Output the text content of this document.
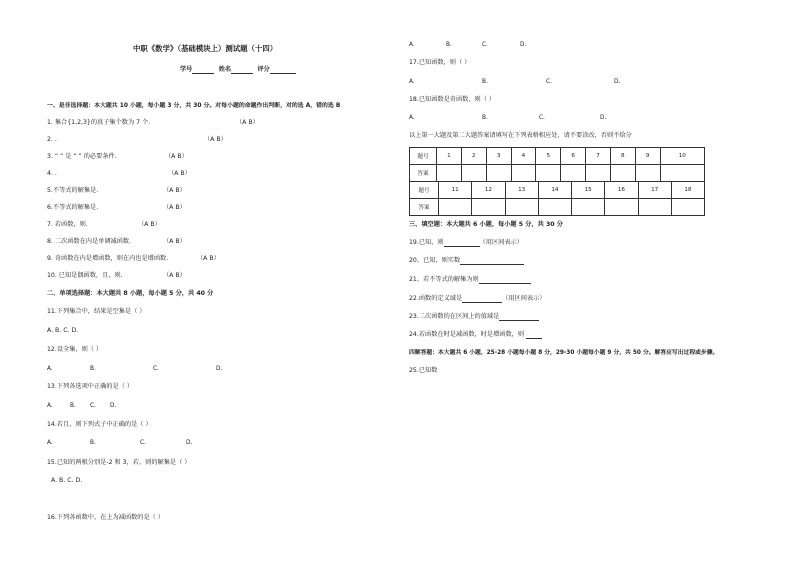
中职《数学》（基础模块上）测试题（十四）
学号	姓名	评分
一、是非选择题：本大题共 10 小题，每小题 3 分，共 30 分。对每小题的命题作出判断，对的选 A，错的选 B
1. 集合{1,2,3}的真子集个数为 7 个.	（A B）
2. .	（A B）
3. “ ” 是 “ ” 的必要条件.	（A B）
4. .	（A B）
5.不等式的解集是.	（A B）
6.不等式的解集是.	（A B）
7. 若函数，则.	（A B）
8. 二次函数在内是单调减函数.	（A B）
9. 奇函数在内是增函数，则在内也是增函数.	（A B）
10. 已知是偶函数，且，则.	（A B）
二、单项选择题：本大题共 8 小题，每小题 5 分，共 40 分
11.下列集合中，结果是空集是（ ）
A. B. C. D.
12.设全集，则（ ）
A.	B.	C.	D.
13.下列各选项中正确的是（ ）
A.	B. C. D.
14.若且，则下列式子中正确的是（ ）
A.	B.	C.	D.
15.已知的两根分别是-2 和 3，若，则的解集是（ ）
A. B. C. D.
16.下列各函数中，在上为减函数的是（ ）
A.	B.	C.	D.
17.已知函数，则（ ）
A.	B.	C.	D.
18.已知函数是奇函数，则（ ）
A.	B.	C.	D.
以上第一大题及第二大题答案请填写在下列表格相应处，请不要涂改，否则不给分
题号	1	2	3	4	5	6	7	8	9	10
答案										
题号	11	12	13	14	15	16	17	18
答案								
三、填空题：本大题共 6 小题，每小题 5 分，共 30 分
19.已知，则	（用区间表示）
20、已知，则实数
21、若不等式的解集为则
22.函数的定义域是	（用区间表示）
23.二次函数的在区间上的值域是
24.若函数在时是减函数，时是增函数，则
四解答题：本大题共 6 小题，25-28 小题每小题 8 分，29-30 小题每小题 9 分，共 50 分。解答应写出过程或步骤。
25.已知数
